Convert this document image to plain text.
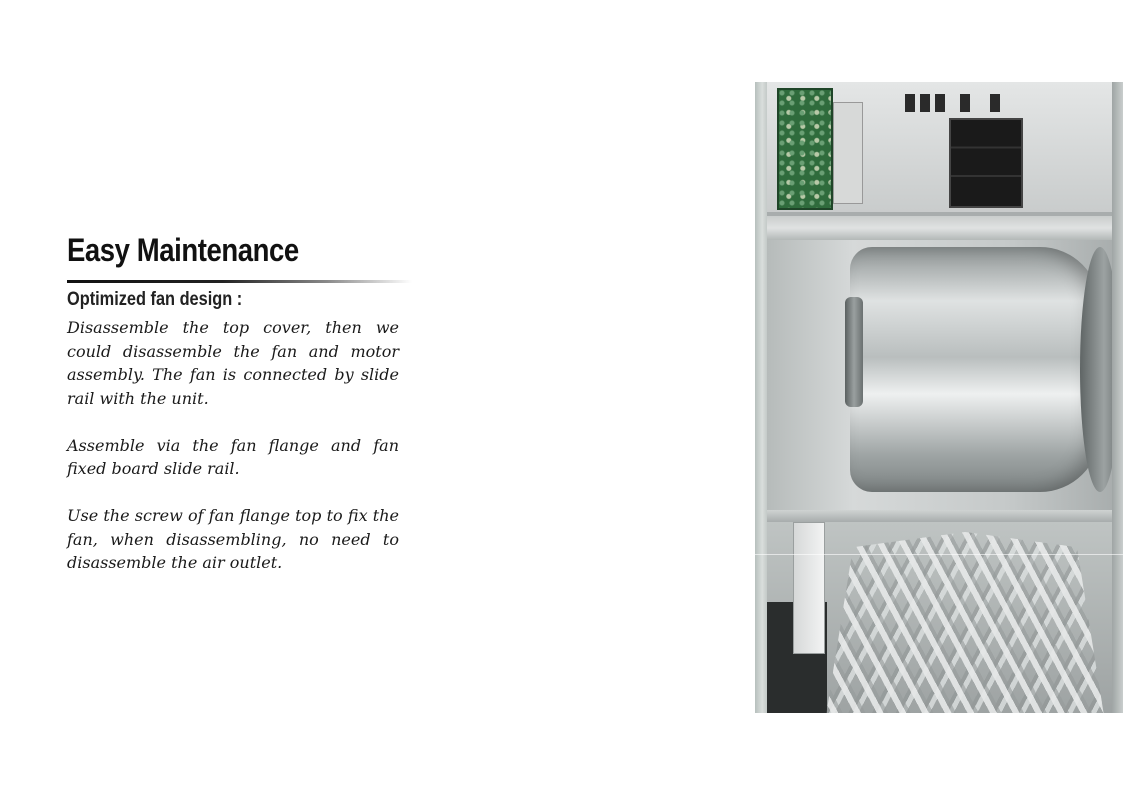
Easy Maintenance
Optimized fan design :

Disassemble the top cover, then we could disassemble the fan and motor assembly. The fan is connected by slide rail with the unit.

Assemble via the fan flange and fan fixed board slide rail.

Use the screw of fan flange top to fix the fan, when disassembling, no need to disassemble the air outlet.
